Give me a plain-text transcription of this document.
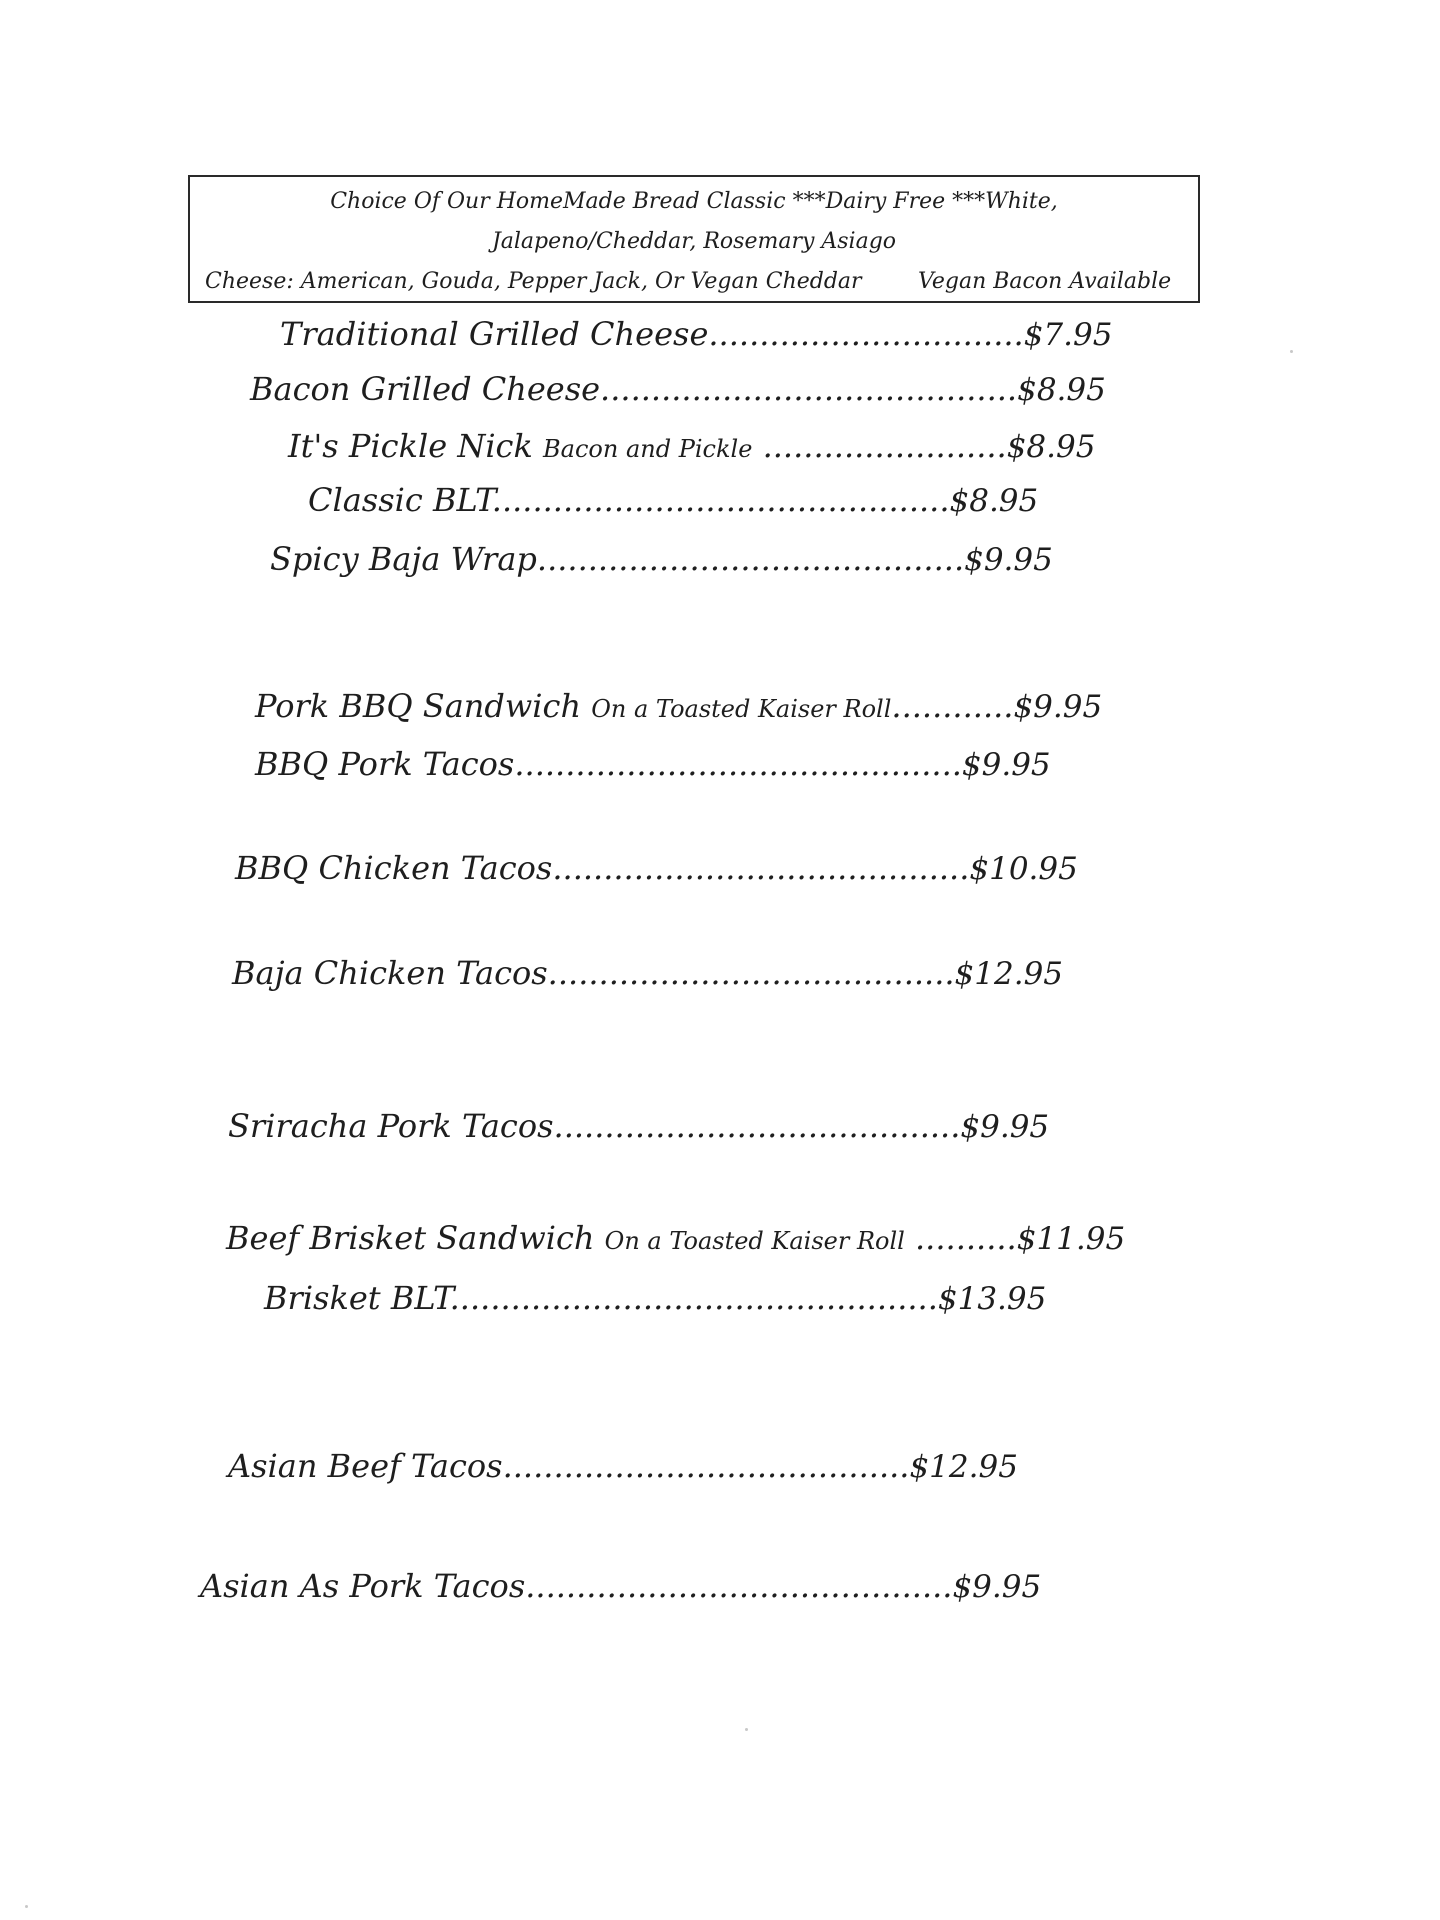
Choice Of Our HomeMade Bread Classic ***Dairy Free ***White,
Jalapeno/Cheddar, Rosemary Asiago
Cheese: American, Gouda, Pepper Jack, Or Vegan Cheddar	Vegan Bacon Available
Traditional Grilled Cheese...............................$7.95
Bacon Grilled Cheese.........................................$8.95
It's Pickle Nick Bacon and Pickle ........................$8.95
Classic BLT.............................................$8.95
Spicy Baja Wrap..........................................$9.95
Pork BBQ Sandwich On a Toasted Kaiser Roll............$9.95
BBQ Pork Tacos............................................$9.95
BBQ Chicken Tacos.........................................$10.95
Baja Chicken Tacos........................................$12.95
Sriracha Pork Tacos........................................$9.95
Beef Brisket Sandwich On a Toasted Kaiser Roll ..........$11.95
Brisket BLT................................................$13.95
Asian Beef Tacos........................................$12.95
Asian As Pork Tacos..........................................$9.95
